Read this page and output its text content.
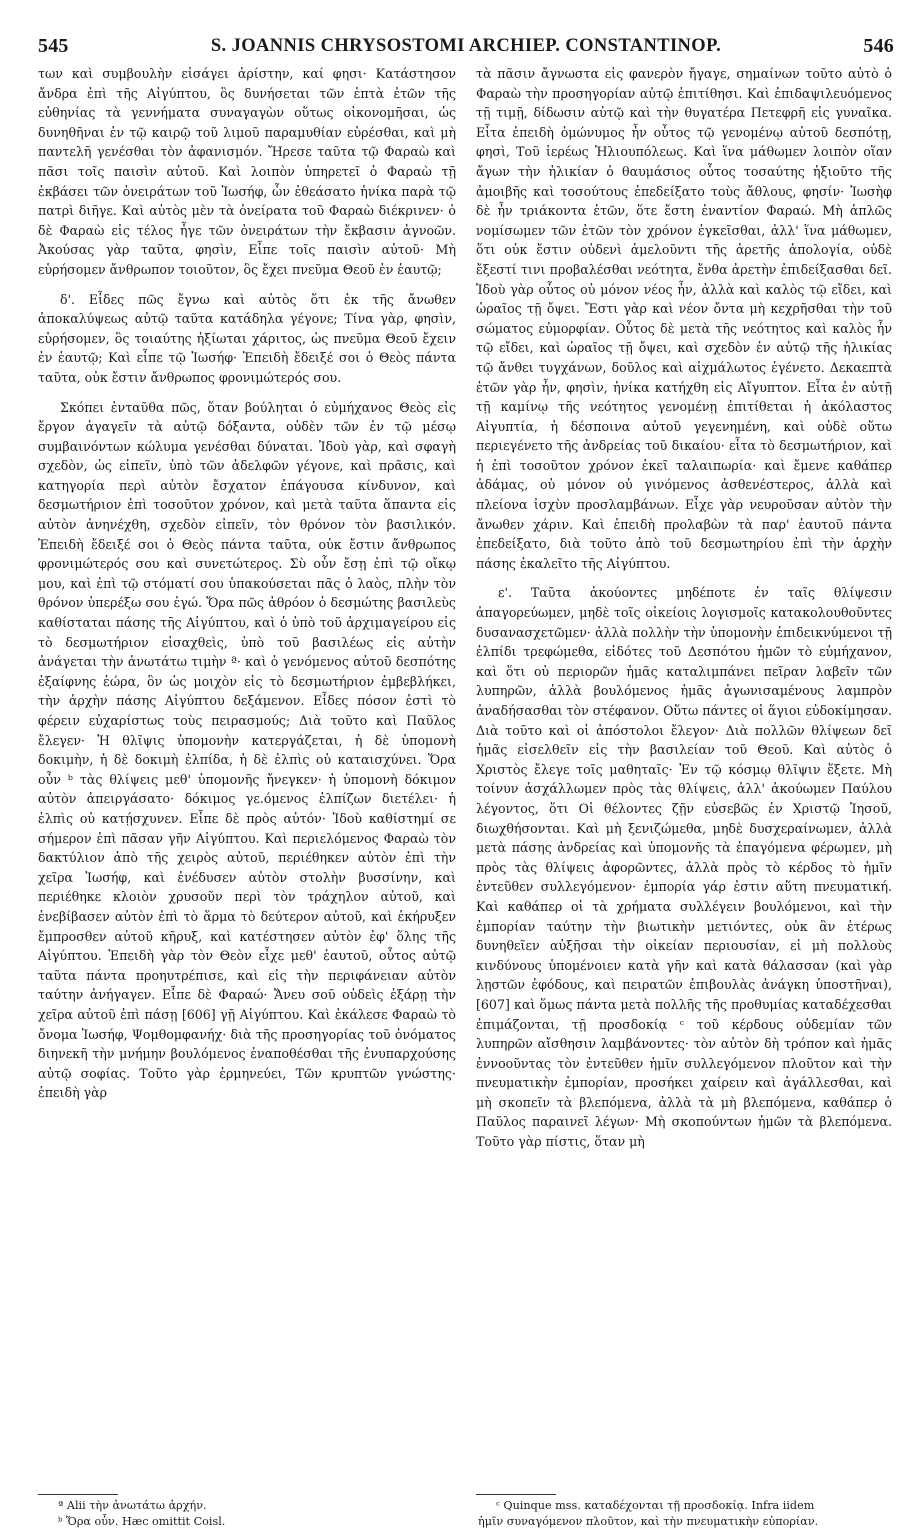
545	S. JOANNIS CHRYSOSTOMI ARCHIEP. CONSTANTINOP.	546

των καὶ συμβουλὴν εἰσάγει ἀρίστην, καί φησι· Κατάστησον ἄνδρα ἐπὶ τῆς Αἰγύπτου, ὃς δυνήσεται τῶν ἑπτὰ ἐτῶν τῆς εὐθηνίας τὰ γεννήματα συναγαγὼν οὕτως οἰκονομῆσαι, ὡς δυνηθῆναι ἐν τῷ καιρῷ τοῦ λιμοῦ παραμυθίαν εὑρέσθαι, καὶ μὴ παντελῆ γενέσθαι τὸν ἀφανισμόν. Ἤρεσε ταῦτα τῷ Φαραὼ καὶ πᾶσι τοῖς παισὶν αὐτοῦ. Καὶ λοιπὸν ὑπηρετεῖ ὁ Φαραὼ τῇ ἐκβάσει τῶν ὀνειράτων τοῦ Ἰωσήφ, ὧν ἐθεάσατο ἡνίκα παρὰ τῷ πατρὶ διῆγε. Καὶ αὐτὸς μὲν τὰ ὀνείρατα τοῦ Φαραὼ διέκρινεν· ὁ δὲ Φαραὼ εἰς τέλος ἦγε τῶν ὀνειράτων τὴν ἔκβασιν ἀγνοῶν. Ἀκούσας γὰρ ταῦτα, φησὶν, Εἶπε τοῖς παισὶν αὐτοῦ· Μὴ εὑρήσομεν ἄνθρωπον τοιοῦτον, ὃς ἔχει πνεῦμα Θεοῦ ἐν ἑαυτῷ;

δ'. Εἶδες πῶς ἔγνω καὶ αὐτὸς ὅτι ἐκ τῆς ἄνωθεν ἀποκαλύψεως αὐτῷ ταῦτα κατάδηλα γέγονε; Τίνα γὰρ, φησὶν, εὑρήσομεν, ὃς τοιαύτης ἠξίωται χάριτος, ὡς πνεῦμα Θεοῦ ἔχειν ἐν ἑαυτῷ; Καὶ εἶπε τῷ Ἰωσήφ· Ἐπειδὴ ἔδειξέ σοι ὁ Θεὸς πάντα ταῦτα, οὐκ ἔστιν ἄνθρωπος φρονιμώτερός σου.

Σκόπει ἐνταῦθα πῶς, ὅταν βούληται ὁ εὐμήχανος Θεὸς εἰς ἔργον ἀγαγεῖν τὰ αὐτῷ δόξαντα, οὐδὲν τῶν ἐν τῷ μέσῳ συμβαινόντων κώλυμα γενέσθαι δύναται. Ἰδοὺ γὰρ, καὶ σφαγὴ σχεδὸν, ὡς εἰπεῖν, ὑπὸ τῶν ἀδελφῶν γέγονε, καὶ πρᾶσις, καὶ κατηγορία περὶ αὐτὸν ἔσχατον ἐπάγουσα κίνδυνον, καὶ δεσμωτήριον ἐπὶ τοσοῦτον χρόνον, καὶ μετὰ ταῦτα ἅπαντα εἰς αὐτὸν ἀνηνέχθη, σχεδὸν εἰπεῖν, τὸν θρόνον τὸν βασιλικόν. Ἐπειδὴ ἔδειξέ σοι ὁ Θεὸς πάντα ταῦτα, οὐκ ἔστιν ἄνθρωπος φρονιμώτερός σου καὶ συνετώτερος. Σὺ οὖν ἔσῃ ἐπὶ τῷ οἴκῳ μου, καὶ ἐπὶ τῷ στόματί σου ὑπακούσεται πᾶς ὁ λαὸς, πλὴν τὸν θρόνον ὑπερέξω σου ἐγώ. Ὅρα πῶς ἀθρόον ὁ δεσμώτης βασιλεὺς καθίσταται πάσης τῆς Αἰγύπτου, καὶ ὁ ὑπὸ τοῦ ἀρχιμαγείρου εἰς τὸ δεσμωτήριον εἰσαχθεὶς, ὑπὸ τοῦ βασιλέως εἰς αὐτὴν ἀνάγεται τὴν ἀνωτάτω τιμὴν ª· καὶ ὁ γενόμενος αὐτοῦ δεσπότης ἐξαίφνης ἑώρα, ὃν ὡς μοιχὸν εἰς τὸ δεσμωτήριον ἐμβεβλήκει, τὴν ἀρχὴν πάσης Αἰγύπτου δεξάμενον. Εἶδες πόσον ἐστὶ τὸ φέρειν εὐχαρίστως τοὺς πειρασμούς; Διὰ τοῦτο καὶ Παῦλος ἔλεγεν· Ἡ θλῖψις ὑπομονὴν κατεργάζεται, ἡ δὲ ὑπομονὴ δοκιμὴν, ἡ δὲ δοκιμὴ ἐλπίδα, ἡ δὲ ἐλπὶς οὐ καταισχύνει. Ὅρα οὖν ᵇ τὰς θλίψεις μεθ' ὑπομονῆς ἤνεγκεν· ἡ ὑπομονὴ δόκιμον αὐτὸν ἀπειργάσατο· δόκιμος γε.όμενος ἐλπίζων διετέλει· ἡ ἐλπὶς οὐ κατῄσχυνεν. Εἶπε δὲ πρὸς αὐτόν· Ἰδοὺ καθίστημί σε σήμερον ἐπὶ πᾶσαν γῆν Αἰγύπτου. Καὶ περιελόμενος Φαραὼ τὸν δακτύλιον ἀπὸ τῆς χειρὸς αὐτοῦ, περιέθηκεν αὐτὸν ἐπὶ τὴν χεῖρα Ἰωσήφ, καὶ ἐνέδυσεν αὐτὸν στολὴν βυσσίνην, καὶ περιέθηκε κλοιὸν χρυσοῦν περὶ τὸν τράχηλον αὐτοῦ, καὶ ἐνεβίβασεν αὐτὸν ἐπὶ τὸ ἅρμα τὸ δεύτερον αὐτοῦ, καὶ ἐκήρυξεν ἔμπροσθεν αὐτοῦ κῆρυξ, καὶ κατέστησεν αὐτὸν ἐφ' ὅλης τῆς Αἰγύπτου. Ἐπειδὴ γὰρ τὸν Θεὸν εἶχε μεθ' ἑαυτοῦ, οὗτος αὐτῷ ταῦτα πάντα προηυτρέπισε, καὶ εἰς τὴν περιφάνειαν αὐτὸν ταύτην ἀνήγαγεν. Εἶπε δὲ Φαραώ· Ἄνευ σοῦ οὐδεὶς ἐξάρῃ τὴν χεῖρα αὐτοῦ ἐπὶ πάσῃ [606] γῇ Αἰγύπτου. Καὶ ἐκάλεσε Φαραὼ τὸ ὄνομα Ἰωσήφ, Ψομθομφανήχ· διὰ τῆς προσηγορίας τοῦ ὀνόματος διηνεκῆ τὴν μνήμην βουλόμενος ἐναποθέσθαι τῆς ἐνυπαρχούσης αὐτῷ σοφίας. Τοῦτο γὰρ ἑρμηνεύει, Τῶν κρυπτῶν γνώστης· ἐπειδὴ γὰρ

τὰ πᾶσιν ἄγνωστα εἰς φανερὸν ἤγαγε, σημαίνων τοῦτο αὐτὸ ὁ Φαραὼ τὴν προσηγορίαν αὐτῷ ἐπιτίθησι. Καὶ ἐπιδαψιλευόμενος τῇ τιμῇ, δίδωσιν αὐτῷ καὶ τὴν θυγατέρα Πετεφρῆ εἰς γυναῖκα. Εἶτα ἐπειδὴ ὁμώνυμος ἦν οὗτος τῷ γενομένῳ αὐτοῦ δεσπότῃ, φησὶ, Τοῦ ἱερέως Ἡλιουπόλεως. Καὶ ἵνα μάθωμεν λοιπὸν οἵαν ἄγων τὴν ἡλικίαν ὁ θαυμάσιος οὗτος τοσαύτης ἠξιοῦτο τῆς ἀμοιβῆς καὶ τοσούτους ἐπεδείξατο τοὺς ἄθλους, φησίν· Ἰωσὴφ δὲ ἦν τριάκοντα ἐτῶν, ὅτε ἔστη ἐναντίον Φαραώ. Μὴ ἁπλῶς νομίσωμεν τῶν ἐτῶν τὸν χρόνον ἐγκεῖσθαι, ἀλλ' ἵνα μάθωμεν, ὅτι οὐκ ἔστιν οὐδενὶ ἀμελοῦντι τῆς ἀρετῆς ἀπολογία, οὐδὲ ἔξεστί τινι προβαλέσθαι νεότητα, ἔνθα ἀρετὴν ἐπιδείξασθαι δεῖ. Ἰδοὺ γὰρ οὗτος οὐ μόνον νέος ἦν, ἀλλὰ καὶ καλὸς τῷ εἴδει, καὶ ὡραῖος τῇ ὄψει. Ἔστι γὰρ καὶ νέον ὄντα μὴ κεχρῆσθαι τὴν τοῦ σώματος εὐμορφίαν. Οὗτος δὲ μετὰ τῆς νεότητος καὶ καλὸς ἦν τῷ εἴδει, καὶ ὡραῖος τῇ ὄψει, καὶ σχεδὸν ἐν αὐτῷ τῆς ἡλικίας τῷ ἄνθει τυγχάνων, δοῦλος καὶ αἰχμάλωτος ἐγένετο. Δεκαεπτὰ ἐτῶν γὰρ ἦν, φησὶν, ἡνίκα κατήχθη εἰς Αἴγυπτον. Εἶτα ἐν αὐτῇ τῇ καμίνῳ τῆς νεότητος γενομένῃ ἐπιτίθεται ἡ ἀκόλαστος Αἰγυπτία, ἡ δέσποινα αὐτοῦ γεγενημένη, καὶ οὐδὲ οὕτω περιεγένετο τῆς ἀνδρείας τοῦ δικαίου· εἶτα τὸ δεσμωτήριον, καὶ ἡ ἐπὶ τοσοῦτον χρόνον ἐκεῖ ταλαιπωρία· καὶ ἔμενε καθάπερ ἀδάμας, οὐ μόνον οὐ γινόμενος ἀσθενέστερος, ἀλλὰ καὶ πλείονα ἰσχὺν προσλαμβάνων. Εἶχε γὰρ νευροῦσαν αὐτὸν τὴν ἄνωθεν χάριν. Καὶ ἐπειδὴ προλαβὼν τὰ παρ' ἑαυτοῦ πάντα ἐπεδείξατο, διὰ τοῦτο ἀπὸ τοῦ δεσμωτηρίου ἐπὶ τὴν ἀρχὴν πάσης ἐκαλεῖτο τῆς Αἰγύπτου.

ε'. Ταῦτα ἀκούοντες μηδέποτε ἐν ταῖς θλίψεσιν ἀπαγορεύωμεν, μηδὲ τοῖς οἰκείοις λογισμοῖς κατακολουθοῦντες δυσανασχετῶμεν· ἀλλὰ πολλὴν τὴν ὑπομονὴν ἐπιδεικνύμενοι τῇ ἐλπίδι τρεφώμεθα, εἰδότες τοῦ Δεσπότου ἡμῶν τὸ εὐμήχανον, καὶ ὅτι οὐ περιορῶν ἡμᾶς καταλιμπάνει πεῖραν λαβεῖν τῶν λυπηρῶν, ἀλλὰ βουλόμενος ἡμᾶς ἀγωνισαμένους λαμπρὸν ἀναδήσασθαι τὸν στέφανον. Οὕτω πάντες οἱ ἅγιοι εὐδοκίμησαν. Διὰ τοῦτο καὶ οἱ ἀπόστολοι ἔλεγον· Διὰ πολλῶν θλίψεων δεῖ ἡμᾶς εἰσελθεῖν εἰς τὴν βασιλείαν τοῦ Θεοῦ. Καὶ αὐτὸς ὁ Χριστὸς ἔλεγε τοῖς μαθηταῖς· Ἐν τῷ κόσμῳ θλῖψιν ἕξετε. Μὴ τοίνυν ἀσχάλλωμεν πρὸς τὰς θλίψεις, ἀλλ' ἀκούωμεν Παύλου λέγοντος, ὅτι Οἱ θέλοντες ζῇν εὐσεβῶς ἐν Χριστῷ Ἰησοῦ, διωχθήσονται. Καὶ μὴ ξενιζώμεθα, μηδὲ δυσχεραίνωμεν, ἀλλὰ μετὰ πάσης ἀνδρείας καὶ ὑπομονῆς τὰ ἐπαγόμενα φέρωμεν, μὴ πρὸς τὰς θλίψεις ἀφορῶντες, ἀλλὰ πρὸς τὸ κέρδος τὸ ἡμῖν ἐντεῦθεν συλλεγόμενον· ἐμπορία γάρ ἐστιν αὕτη πνευματική. Καὶ καθάπερ οἱ τὰ χρήματα συλλέγειν βουλόμενοι, καὶ τὴν ἐμπορίαν ταύτην τὴν βιωτικὴν μετιόντες, οὐκ ἂν ἑτέρως δυνηθεῖεν αὐξῆσαι τὴν οἰκείαν περιουσίαν, εἰ μὴ πολλοὺς κινδύνους ὑπομένοιεν κατὰ γῆν καὶ κατὰ θάλασσαν (καὶ γὰρ λῃστῶν ἐφόδους, καὶ πειρατῶν ἐπιβουλὰς ἀνάγκη ὑποστῆναι), [607] καὶ ὅμως πάντα μετὰ πολλῆς τῆς προθυμίας καταδέχεσθαι ἐπιμάζονται, τῇ προσδοκίᾳ ᶜ τοῦ κέρδους οὐδεμίαν τῶν λυπηρῶν αἴσθησιν λαμβάνοντες· τὸν αὐτὸν δὴ τρόπον καὶ ἡμᾶς ἐννοοῦντας τὸν ἐντεῦθεν ἡμῖν συλλεγόμενον πλοῦτον καὶ τὴν πνευματικὴν ἐμπορίαν, προσήκει χαίρειν καὶ ἀγάλλεσθαι, καὶ μὴ σκοπεῖν τὰ βλεπόμενα, ἀλλὰ τὰ μὴ βλεπόμενα, καθάπερ ὁ Παῦλος παραινεῖ λέγων· Μὴ σκοπούντων ἡμῶν τὰ βλεπόμενα. Τοῦτο γὰρ πίστις, ὅταν μὴ

ª Alii τὴν ἀνωτάτω ἀρχήν.

ᵇ Ὅρα οὖν. Hæc omittit Coisl.

ᶜ Quinque mss. καταδέχονται τῇ προσδοκίᾳ. Infra iidem

ἡμῖν συναγόμενον πλοῦτον, καὶ τὴν πνευματικὴν εὐπορίαν.
